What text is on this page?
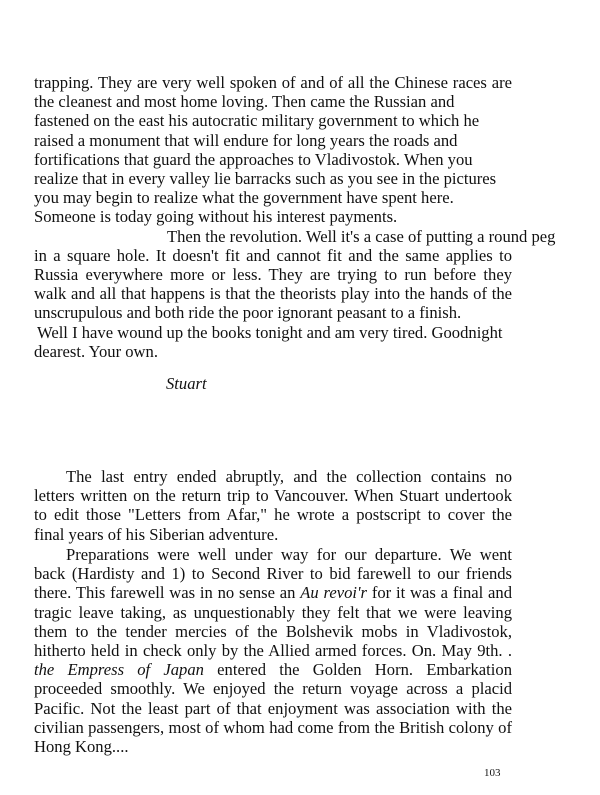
trapping. They are very well spoken of and of all the Chinese races are
the cleanest and most home loving. Then came the Russian and
fastened on the east his autocratic military government to which he
raised a monument that will endure for long years the roads and
fortifications that guard the approaches to Vladivostok. When you
realize that in every valley lie barracks such as you see in the pictures
you may begin to realize what the government have spent here.
Someone is today going without his interest payments.
Then the revolution. Well it's a case of putting a round peg
in a square hole. It doesn't fit and cannot fit and the same applies to
Russia everywhere more or less. They are trying to run before they
walk and all that happens is that the theorists play into the hands of the
unscrupulous and both ride the poor ignorant peasant to a finish.
Well I have wound up the books tonight and am very tired. Goodnight
dearest. Your own.
Stuart
The last entry ended abruptly, and the collection contains no
letters written on the return trip to Vancouver. When Stuart undertook
to edit those "Letters from Afar," he wrote a postscript to cover the
final years of his Siberian adventure.
Preparations were well under way for our departure. We went
back (Hardisty and 1) to Second River to bid farewell to our friends
there. This farewell was in no sense an Au revoi'r for it was a final and
tragic leave taking, as unquestionably they felt that we were leaving
them to the tender mercies of the Bolshevik mobs in Vladivostok,
hitherto held in check only by the Allied armed forces. On. May 9th. .
the Empress of Japan entered the Golden Horn. Embarkation
proceeded smoothly. We enjoyed the return voyage across a placid
Pacific. Not the least part of that enjoyment was association with the
civilian passengers, most of whom had come from the British colony of
Hong Kong....
103
